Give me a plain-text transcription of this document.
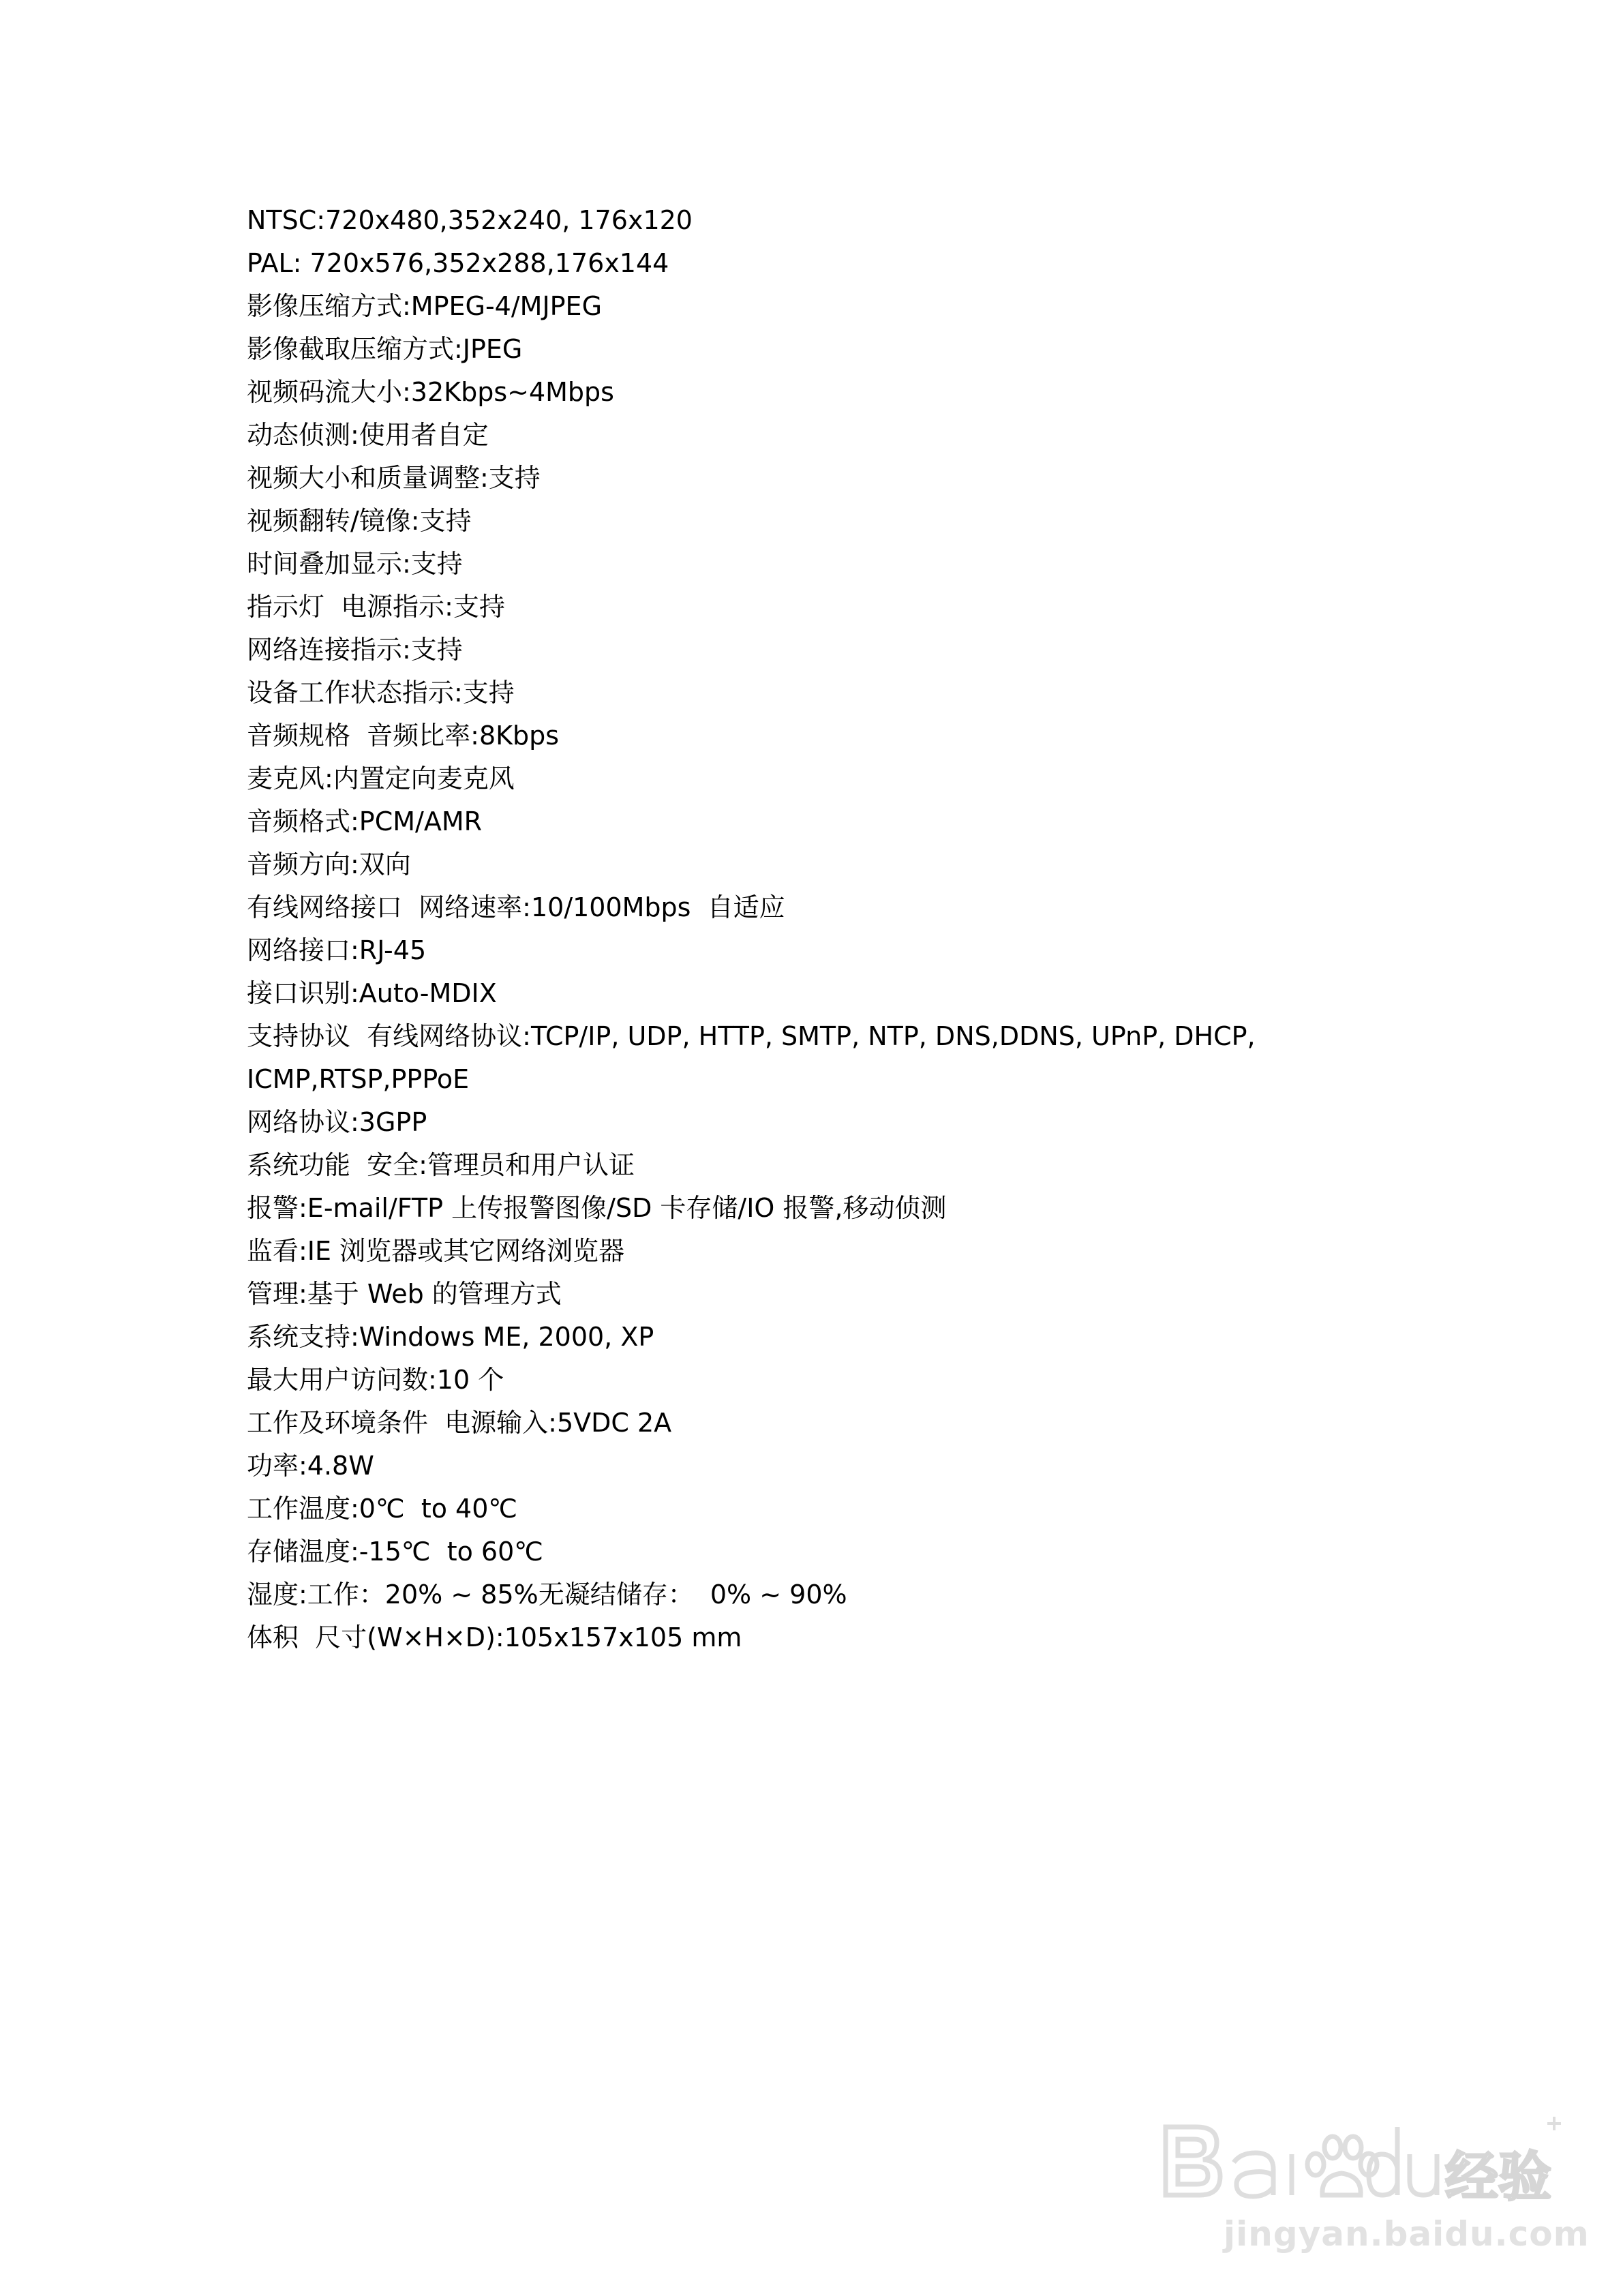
NTSC:720x480,352x240, 176x120
PAL: 720x576,352x288,176x144
影像压缩方式:MPEG-4/MJPEG
影像截取压缩方式:JPEG
视频码流大小:32Kbps~4Mbps
动态侦测:使用者自定
视频大小和质量调整:支持
视频翻转/镜像:支持
时间叠加显示:支持
指示灯  电源指示:支持
网络连接指示:支持
设备工作状态指示:支持
音频规格  音频比率:8Kbps
麦克风:内置定向麦克风
音频格式:PCM/AMR
音频方向:双向
有线网络接口  网络速率:10/100Mbps  自适应
网络接口:RJ-45
接口识别:Auto-MDIX
支持协议  有线网络协议:TCP/IP, UDP, HTTP, SMTP, NTP, DNS,DDNS, UPnP, DHCP,
ICMP,RTSP,PPPoE
网络协议:3GPP
系统功能  安全:管理员和用户认证
报警:E-mail/FTP 上传报警图像/SD 卡存储/IO 报警,移动侦测
监看:IE 浏览器或其它网络浏览器
管理:基于 Web 的管理方式
系统支持:Windows ME, 2000, XP
最大用户访问数:10 个
工作及环境条件  电源输入:5VDC 2A
功率:4.8W
工作温度:0℃  to 40℃
存储温度:-15℃  to 60℃
湿度:工作：20% ~ 85%无凝结储存：  0% ~ 90%
体积  尺寸(W×H×D):105x157x105 mm
经验
jingyan.baidu.com
